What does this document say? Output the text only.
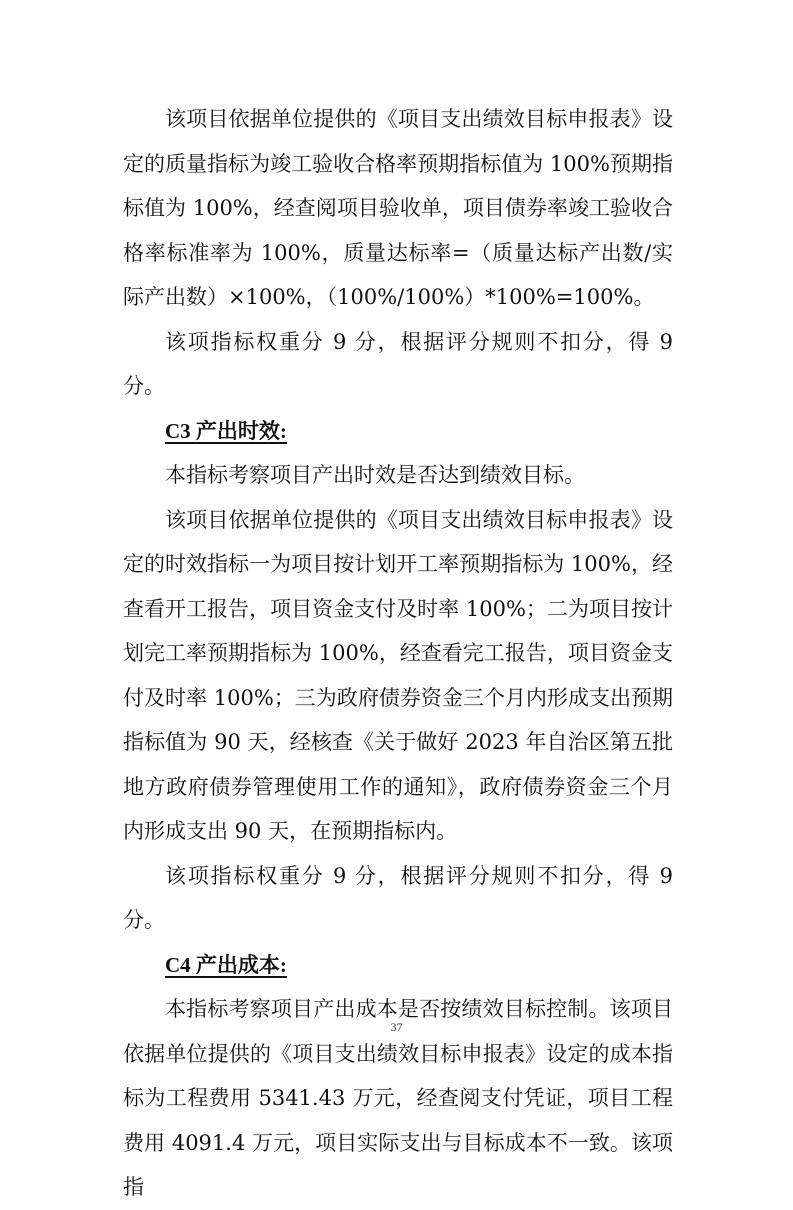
该项目依据单位提供的《项目支出绩效目标申报表》设定的质量指标为竣工验收合格率预期指标值为 100%预期指标值为 100%，经查阅项目验收单，项目债券率竣工验收合格率标准率为 100%，质量达标率=（质量达标产出数/实际产出数）×100%，（100%/100%）*100%=100%。

该项指标权重分 9 分，根据评分规则不扣分，得 9 分。

C3 产出时效:

本指标考察项目产出时效是否达到绩效目标。

该项目依据单位提供的《项目支出绩效目标申报表》设定的时效指标一为项目按计划开工率预期指标为 100%，经查看开工报告，项目资金支付及时率 100%；二为项目按计划完工率预期指标为 100%，经查看完工报告，项目资金支付及时率 100%；三为政府债券资金三个月内形成支出预期指标值为 90 天，经核查《关于做好 2023 年自治区第五批地方政府债券管理使用工作的通知》，政府债券资金三个月内形成支出 90 天，在预期指标内。

该项指标权重分 9 分，根据评分规则不扣分，得 9 分。

C4 产出成本:

本指标考察项目产出成本是否按绩效目标控制。该项目依据单位提供的《项目支出绩效目标申报表》设定的成本指标为工程费用 5341.43 万元，经查阅支付凭证，项目工程费用 4091.4 万元，项目实际支出与目标成本不一致。该项指

37
